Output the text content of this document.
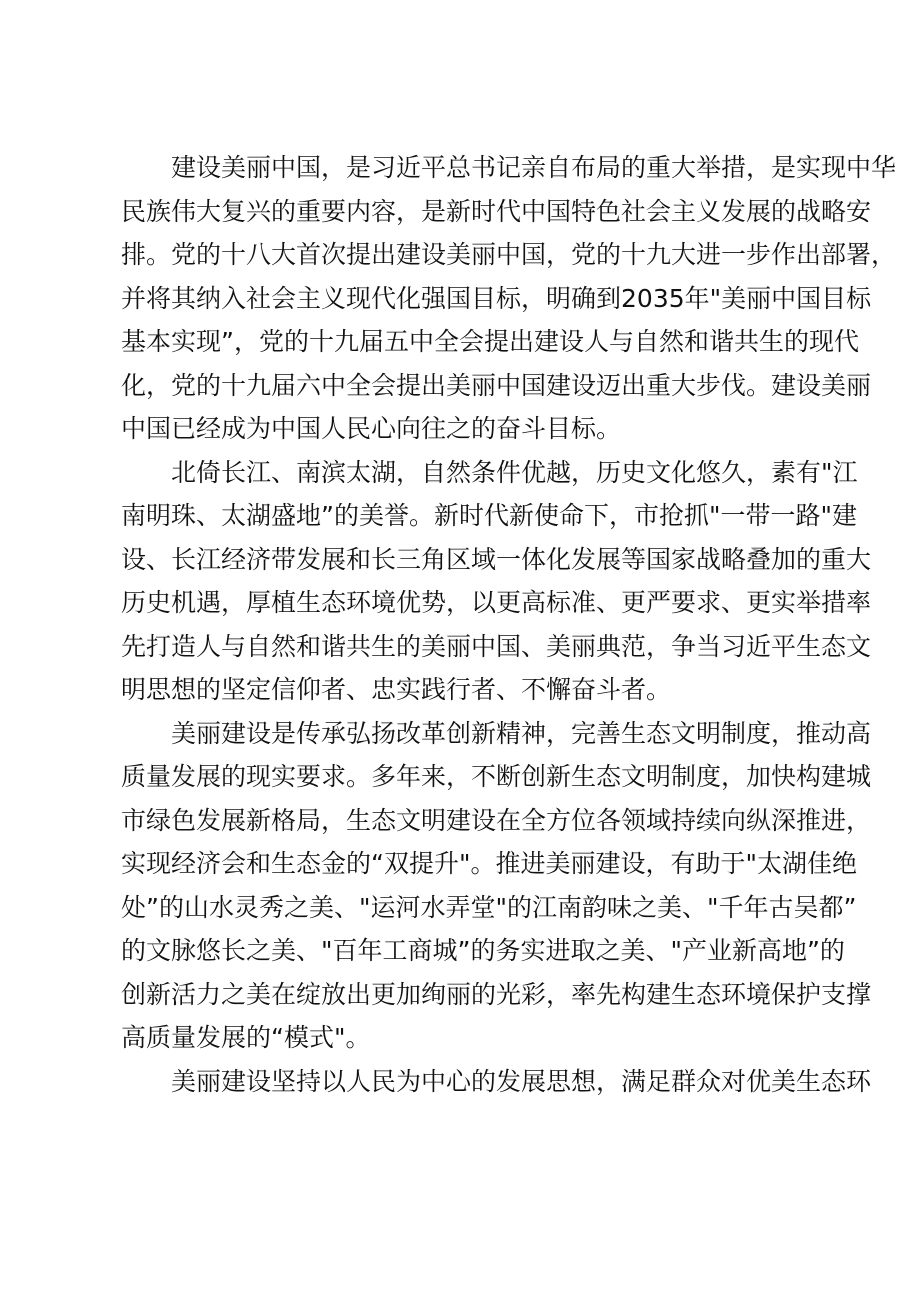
建设美丽中国，是习近平总书记亲自布局的重大举措，是实现中华
民族伟大复兴的重要内容，是新时代中国特色社会主义发展的战略安
排。党的十八大首次提出建设美丽中国，党的十九大进一步作出部署，
并将其纳入社会主义现代化强国目标，明确到2035年"美丽中国目标
基本实现”，党的十九届五中全会提出建设人与自然和谐共生的现代
化，党的十九届六中全会提出美丽中国建设迈出重大步伐。建设美丽
中国已经成为中国人民心向往之的奋斗目标。
北倚长江、南滨太湖，自然条件优越，历史文化悠久，素有"江
南明珠、太湖盛地”的美誉。新时代新使命下，市抢抓"一带一路"建
设、长江经济带发展和长三角区域一体化发展等国家战略叠加的重大
历史机遇，厚植生态环境优势，以更高标准、更严要求、更实举措率
先打造人与自然和谐共生的美丽中国、美丽典范，争当习近平生态文
明思想的坚定信仰者、忠实践行者、不懈奋斗者。
美丽建设是传承弘扬改革创新精神，完善生态文明制度，推动高
质量发展的现实要求。多年来，不断创新生态文明制度，加快构建城
市绿色发展新格局，生态文明建设在全方位各领域持续向纵深推进，
实现经济会和生态金的“双提升"。推进美丽建设，有助于"太湖佳绝
处”的山水灵秀之美、"运河水弄堂"的江南韵味之美、"千年古吴都”
的文脉悠长之美、"百年工商城”的务实进取之美、"产业新高地”的
创新活力之美在绽放出更加绚丽的光彩，率先构建生态环境保护支撑
高质量发展的“模式"。
美丽建设坚持以人民为中心的发展思想，满足群众对优美生态环
